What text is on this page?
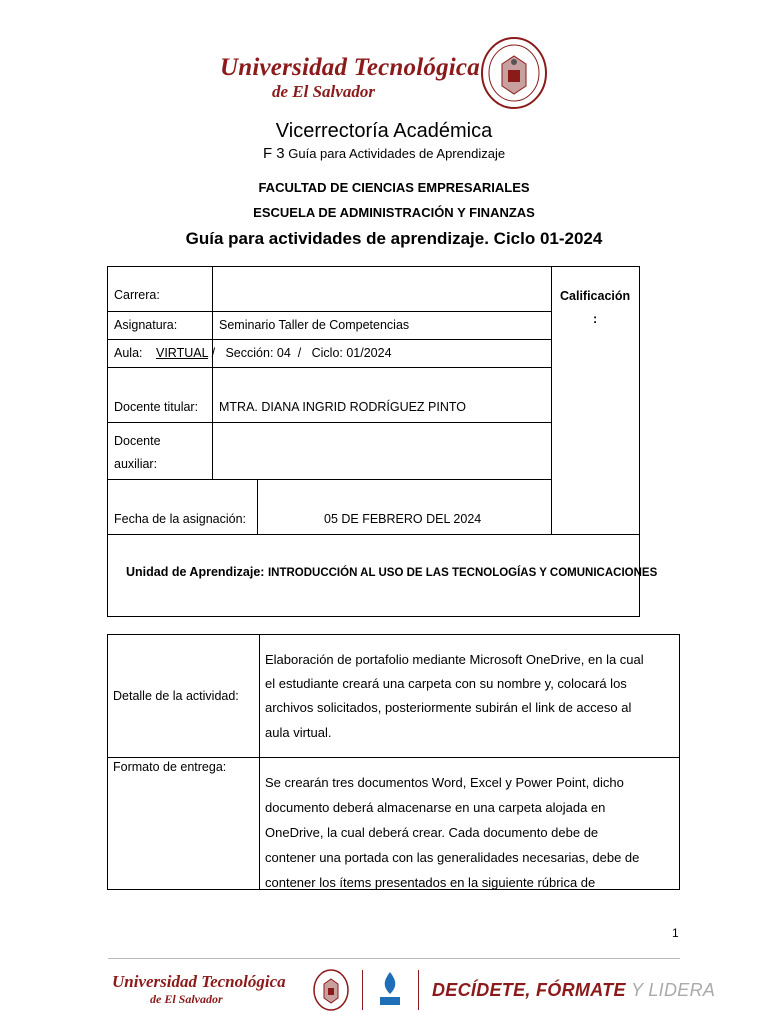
Universidad Tecnológica
de El Salvador
Vicerrectoría Académica
F 3 Guía para Actividades de Aprendizaje
FACULTAD DE CIENCIAS EMPRESARIALES
ESCUELA DE ADMINISTRACIÓN Y FINANZAS
Guía para actividades de aprendizaje. Ciclo 01-2024
Carrera:
Asignatura:	Seminario Taller de Competencias
Aula: VIRTUAL /   Sección: 04  /   Ciclo: 01/2024
Docente titular: MTRA. DIANA INGRID RODRÍGUEZ PINTO
Docente
auxiliar:
Fecha de la asignación:	05 DE FEBRERO DEL 2024
Calificación
:
Unidad de Aprendizaje: INTRODUCCIÓN AL USO DE LAS TECNOLOGÍAS Y COMUNICACIONES
Detalle de la actividad:
Elaboración de portafolio mediante Microsoft OneDrive, en la cual
el estudiante creará una carpeta con su nombre y, colocará los
archivos solicitados, posteriormente subirán el link de acceso al
aula virtual.
Formato de entrega:
Se crearán tres documentos Word, Excel y Power Point, dicho
documento deberá almacenarse en una carpeta alojada en
OneDrive, la cual deberá crear. Cada documento debe de
contener una portada con las generalidades necesarias, debe de
contener los ítems presentados en la siguiente rúbrica de
1
Universidad Tecnológica
de El Salvador	DECÍDETE, FÓRMATE Y LIDERA
